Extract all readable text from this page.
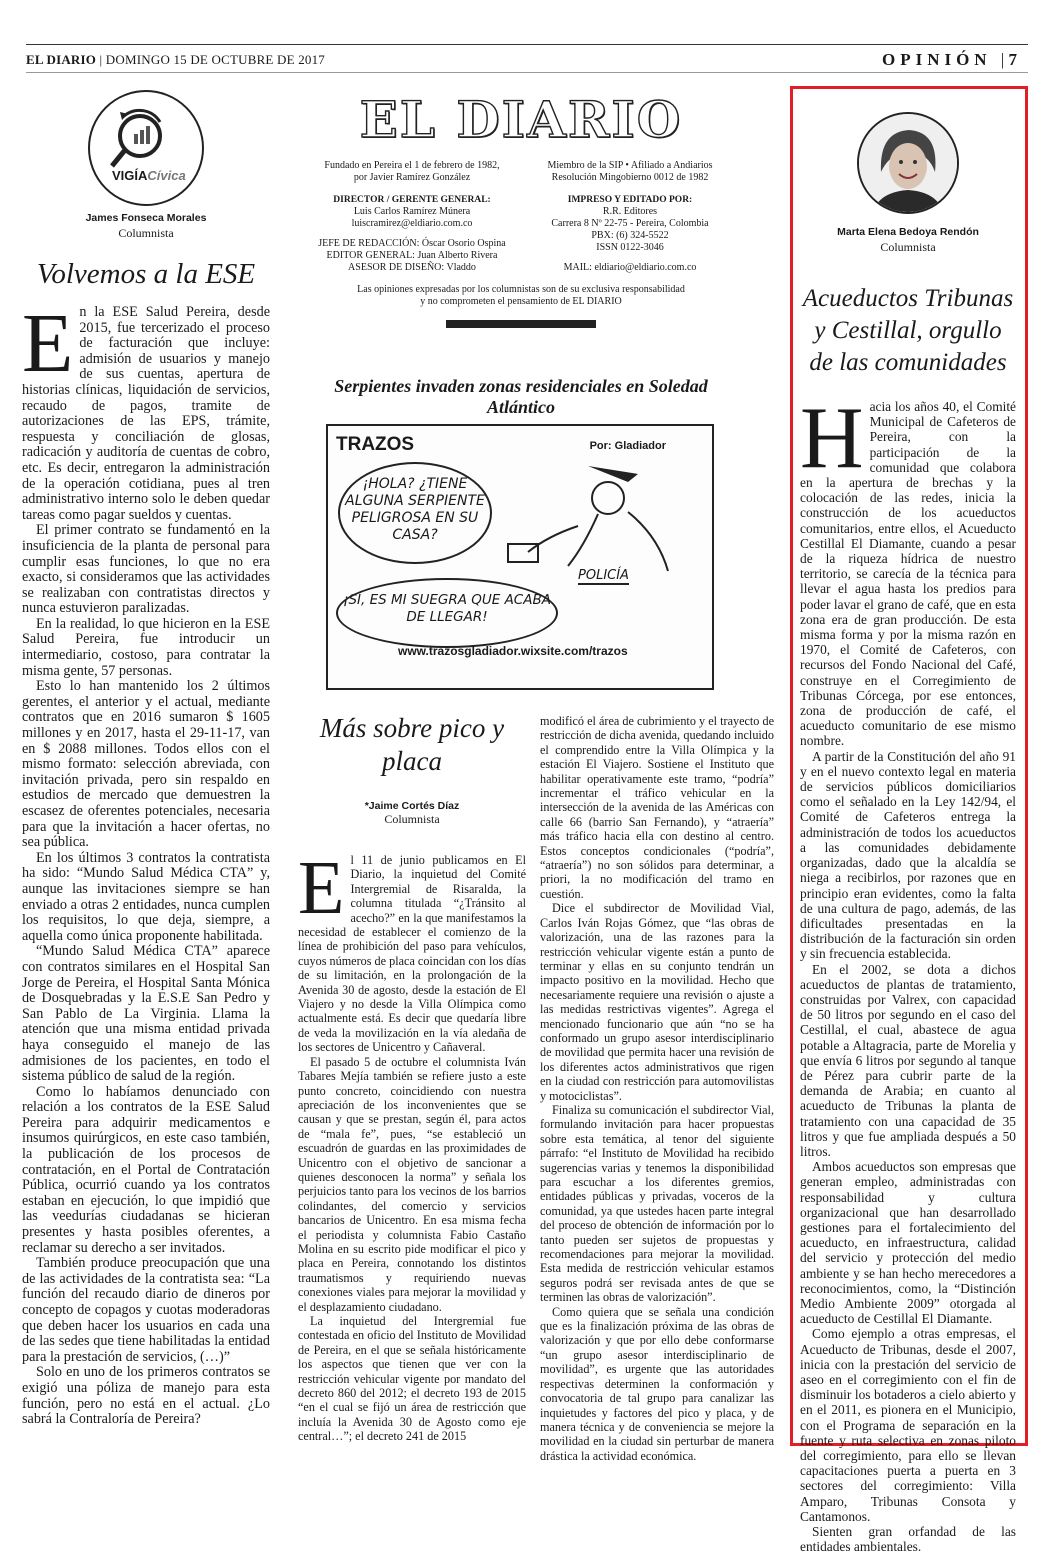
EL DIARIO | DOMINGO 15 DE OCTUBRE DE 2017	OPINIÓN | 7
VIGÍACívica
James Fonseca Morales
Columnista
Volvemos a la ESE
E n la ESE Salud Pereira, desde 2015, fue tercerizado el proceso de facturación que incluye: admisión de usuarios y manejo de sus cuentas, apertura de historias clínicas, liquidación de servicios, recaudo de pagos, tramite de autorizaciones de las EPS, trámite, respuesta y conciliación de glosas, radicación y auditoría de cuentas de cobro, etc. Es decir, entregaron la administración de la operación cotidiana, pues al tren administrativo interno solo le deben quedar tareas como pagar sueldos y cuentas.

El primer contrato se fundamentó en la insuficiencia de la planta de personal para cumplir esas funciones, lo que no era exacto, si consideramos que las actividades se realizaban con contratistas directos y nunca estuvieron paralizadas.

En la realidad, lo que hicieron en la ESE Salud Pereira, fue introducir un intermediario, costoso, para contratar la misma gente, 57 personas.

Esto lo han mantenido los 2 últimos gerentes, el anterior y el actual, mediante contratos que en 2016 sumaron $ 1605 millones y en 2017, hasta el 29-11-17, van en $ 2088 millones. Todos ellos con el mismo formato: selección abreviada, con invitación privada, pero sin respaldo en estudios de mercado que demuestren la escasez de oferentes potenciales, necesaria para que la invitación a hacer ofertas, no sea pública.

En los últimos 3 contratos la contratista ha sido: “Mundo Salud Médica CTA” y, aunque las invitaciones siempre se han enviado a otras 2 entidades, nunca cumplen los requisitos, lo que deja, siempre, a aquella como única proponente habilitada.

“Mundo Salud Médica CTA” aparece con contratos similares en el Hospital San Jorge de Pereira, el Hospital Santa Mónica de Dosquebradas y la E.S.E San Pedro y San Pablo de La Virginia. Llama la atención que una misma entidad privada haya conseguido el manejo de las admisiones de los pacientes, en todo el sistema público de salud de la región.

Como lo habíamos denunciado con relación a los contratos de la ESE Salud Pereira para adquirir medicamentos e insumos quirúrgicos, en este caso también, la publicación de los procesos de contratación, en el Portal de Contratación Pública, ocurrió cuando ya los contratos estaban en ejecución, lo que impidió que las veedurías ciudadanas se hicieran presentes y hasta posibles oferentes, a reclamar su derecho a ser invitados.

También produce preocupación que una de las actividades de la contratista sea: “La función del recaudo diario de dineros por concepto de copagos y cuotas moderadoras que deben hacer los usuarios en cada una de las sedes que tiene habilitadas la entidad para la prestación de servicios, (…)”

Solo en uno de los primeros contratos se exigió una póliza de manejo para esta función, pero no está en el actual. ¿Lo sabrá la Contraloría de Pereira?

EL DIARIO
Fundado en Pereira el 1 de febrero de 1982,
por Javier Ramírez González
DIRECTOR / GERENTE GENERAL:
Luis Carlos Ramírez Múnera
luiscramirez@eldiario.com.co
JEFE DE REDACCIÓN: Óscar Osorio Ospina
EDITOR GENERAL: Juan Alberto Rivera
ASESOR DE DISEÑO: Vladdo
Miembro de la SIP • Afiliado a Andiarios
Resolución Mingobierno 0012 de 1982
IMPRESO Y EDITADO POR:
R.R. Editores
Carrera 8 Nº 22-75 - Pereira, Colombia
PBX: (6) 324-5522
ISSN 0122-3046
MAIL: eldiario@eldiario.com.co
Las opiniones expresadas por los columnistas son de su exclusiva responsabilidad
y no comprometen el pensamiento de EL DIARIO
Serpientes invaden zonas residenciales en Soledad Atlántico
TRAZOS	Por: Gladiador
¡HOLA? ¿TIENE ALGUNA SERPIENTE PELIGROSA EN SU CASA?
POLICÍA
¡SÍ, ES MI SUEGRA QUE ACABA DE LLEGAR!
www.trazosgladiador.wixsite.com/trazos
Más sobre pico y placa
*Jaime Cortés Díaz
Columnista
E l 11 de junio publicamos en El Diario, la inquietud del Comité Intergremial de Risaralda, la columna titulada “¿Tránsito al acecho?” en la que manifestamos la necesidad de establecer el comienzo de la línea de prohibición del paso para vehículos, cuyos números de placa coincidan con los días de su limitación, en la prolongación de la Avenida 30 de agosto, desde la estación de El Viajero y no desde la Villa Olímpica como actualmente está. Es decir que quedaría libre de veda la movilización en la vía aledaña de los sectores de Unicentro y Cañaveral.

El pasado 5 de octubre el columnista Iván Tabares Mejía también se refiere justo a este punto concreto, coincidiendo con nuestra apreciación de los inconvenientes que se causan y que se prestan, según él, para actos de “mala fe”, pues, “se estableció un escuadrón de guardas en las proximidades de Unicentro con el objetivo de sancionar a quienes desconocen la norma” y señala los perjuicios tanto para los vecinos de los barrios colindantes, del comercio y servicios bancarios de Unicentro. En esa misma fecha el periodista y columnista Fabio Castaño Molina en su escrito pide modificar el pico y placa en Pereira, connotando los distintos traumatismos y requiriendo nuevas conexiones viales para mejorar la movilidad y el desplazamiento ciudadano.

La inquietud del Intergremial fue contestada en oficio del Instituto de Movilidad de Pereira, en el que se señala históricamente los aspectos que tienen que ver con la restricción vehicular vigente por mandato del decreto 860 del 2012; el decreto 193 de 2015 “en el cual se fijó un área de restricción que incluía la Avenida 30 de Agosto como eje central…”; el decreto 241 de 2015

modificó el área de cubrimiento y el trayecto de restricción de dicha avenida, quedando incluido el comprendido entre la Villa Olímpica y la estación El Viajero. Sostiene el Instituto que habilitar operativamente este tramo, “podría” incrementar el tráfico vehicular en la intersección de la avenida de las Américas con calle 66 (barrio San Fernando), y “atraería” más tráfico hacia ella con destino al centro. Estos conceptos condicionales (“podría”, “atraería”) no son sólidos para determinar, a priori, la no modificación del tramo en cuestión.

Dice el subdirector de Movilidad Vial, Carlos Iván Rojas Gómez, que “las obras de valorización, una de las razones para la restricción vehicular vigente están a punto de terminar y ellas en su conjunto tendrán un impacto positivo en la movilidad. Hecho que necesariamente requiere una revisión o ajuste a las medidas restrictivas vigentes”. Agrega el mencionado funcionario que aún “no se ha conformado un grupo asesor interdisciplinario de movilidad que permita hacer una revisión de los diferentes actos administrativos que rigen en la ciudad con restricción para automovilistas y motociclistas”.

Finaliza su comunicación el subdirector Vial, formulando invitación para hacer propuestas sobre esta temática, al tenor del siguiente párrafo: “el Instituto de Movilidad ha recibido sugerencias varias y tenemos la disponibilidad para escuchar a los diferentes gremios, entidades públicas y privadas, voceros de la comunidad, ya que ustedes hacen parte integral del proceso de obtención de información por lo tanto pueden ser sujetos de propuestas y recomendaciones para mejorar la movilidad. Esta medida de restricción vehicular estamos seguros podrá ser revisada antes de que se terminen las obras de valorización”.

Como quiera que se señala una condición que es la finalización próxima de las obras de valorización y que por ello debe conformarse “un grupo asesor interdisciplinario de movilidad”, es urgente que las autoridades respectivas determinen la conformación y convocatoria de tal grupo para canalizar las inquietudes y factores del pico y placa, y de manera técnica y de conveniencia se mejore la movilidad en la ciudad sin perturbar de manera drástica la actividad económica.

Marta Elena Bedoya Rendón
Columnista
Acueductos Tribunas y Cestillal, orgullo de las comunidades
H acia los años 40, el Comité Municipal de Cafeteros de Pereira, con la participación de la comunidad que colabora en la apertura de brechas y la colocación de las redes, inicia la construcción de los acueductos comunitarios, entre ellos, el Acueducto Cestillal El Diamante, cuando a pesar de la riqueza hídrica de nuestro territorio, se carecía de la técnica para llevar el agua hasta los predios para poder lavar el grano de café, que en esta zona era de gran producción. De esta misma forma y por la misma razón en 1970, el Comité de Cafeteros, con recursos del Fondo Nacional del Café, construye en el Corregimiento de Tribunas Córcega, por ese entonces, zona de producción de café, el acueducto comunitario de ese mismo nombre.

A partir de la Constitución del año 91 y en el nuevo contexto legal en materia de servicios públicos domiciliarios como el señalado en la Ley 142/94, el Comité de Cafeteros entrega la administración de todos los acueductos a las comunidades debidamente organizadas, dado que la alcaldía se niega a recibirlos, por razones que en principio eran evidentes, como la falta de una cultura de pago, además, de las dificultades presentadas en la distribución de la facturación sin orden y sin frecuencia establecida.

En el 2002, se dota a dichos acueductos de plantas de tratamiento, construidas por Valrex, con capacidad de 50 litros por segundo en el caso del Cestillal, el cual, abastece de agua potable a Altagracia, parte de Morelia y que envía 6 litros por segundo al tanque de Pérez para cubrir parte de la demanda de Arabia; en cuanto al acueducto de Tribunas la planta de tratamiento con una capacidad de 35 litros y que fue ampliada después a 50 litros.

Ambos acueductos son empresas que generan empleo, administradas con responsabilidad y cultura organizacional que han desarrollado gestiones para el fortalecimiento del acueducto, en infraestructura, calidad del servicio y protección del medio ambiente y se han hecho merecedores a reconocimientos, como, la “Distinción Medio Ambiente 2009” otorgada al acueducto de Cestillal El Diamante.

Como ejemplo a otras empresas, el Acueducto de Tribunas, desde el 2007, inicia con la prestación del servicio de aseo en el corregimiento con el fin de disminuir los botaderos a cielo abierto y en el 2011, es pionera en el Municipio, con el Programa de separación en la fuente y ruta selectiva en zonas piloto del corregimiento, para ello se llevan capacitaciones puerta a puerta en 3 sectores del corregimiento: Villa Amparo, Tribunas Consota y Cantamonos.

Sienten gran orfandad de las entidades ambientales.
